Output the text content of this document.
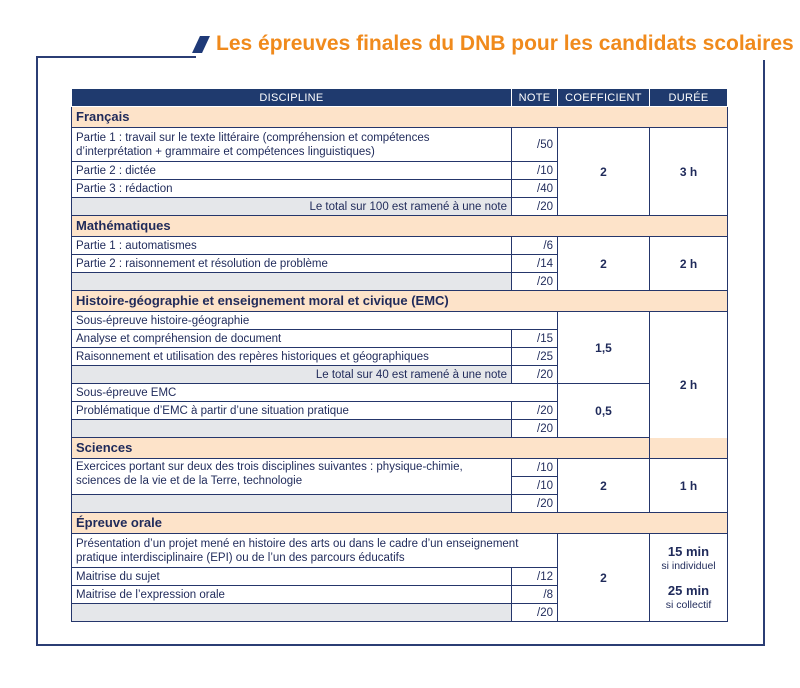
Les épreuves finales du DNB pour les candidats scolaires
DISCIPLINE	NOTE	COEFFICIENT	DURÉE
Français			
Partie 1 : travail sur le texte littéraire (compréhension et compétences d’interprétation + grammaire et compétences linguistiques)	/50	2	3 h
Partie 2 : dictée	/10		
Partie 3 : rédaction	/40		
Le total sur 100 est ramené à une note	/20		
Mathématiques			
Partie 1 : automatismes	/6	2	2 h
Partie 2 : raisonnement et résolution de problème	/14		
	/20		
Histoire-géographie et enseignement moral et civique (EMC)			
Sous-épreuve histoire-géographie		1,5	2 h
Analyse et compréhension de document	/15		
Raisonnement et utilisation des repères historiques et géographiques	/25		
Le total sur 40 est ramené à une note	/20		
Sous-épreuve EMC		0,5	
Problématique d’EMC à partir d’une situation pratique	/20		
	/20		
Sciences			
Exercices portant sur deux des trois disciplines suivantes : physique-chimie, sciences de la vie et de la Terre, technologie	/10	2	1 h
	/10		
	/20		
Épreuve orale			
Présentation d’un projet mené en histoire des arts ou dans le cadre d’un enseignement pratique interdisciplinaire (EPI) ou de l’un des parcours éducatifs		2	15 min
si individuel
25 min
si collectif

Maitrise du sujet	/12		
Maitrise de l’expression orale	/8		
	/20		
